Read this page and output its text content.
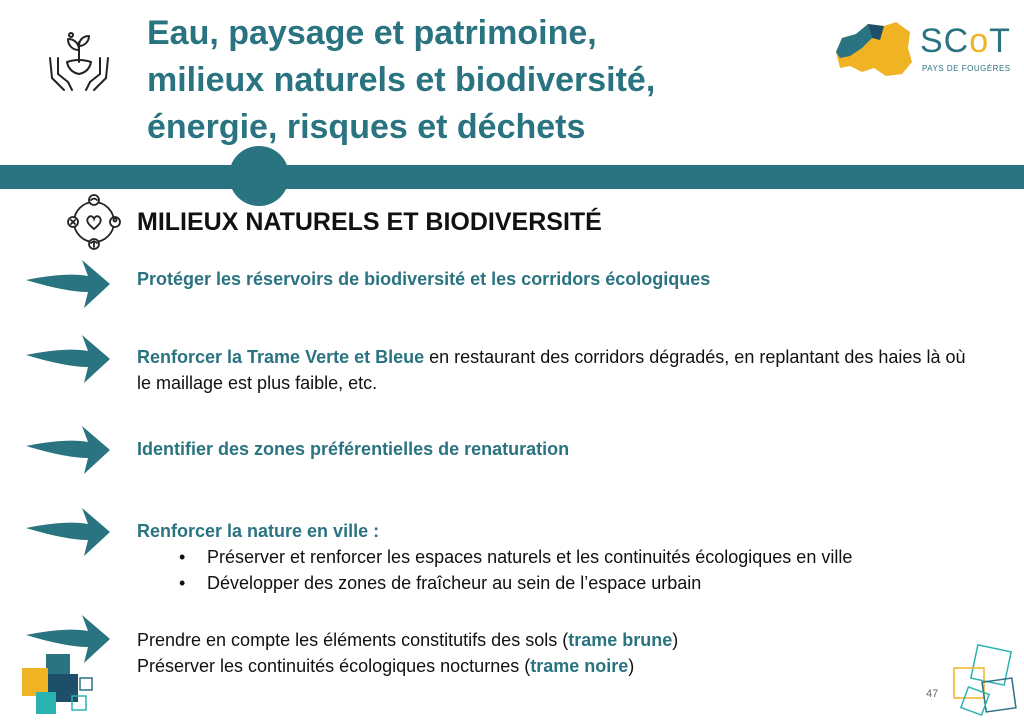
Eau, paysage et patrimoine,
milieux naturels et biodiversité,
énergie, risques et déchets
SCoT
PAYS DE FOUGÈRES
MILIEUX NATURELS ET BIODIVERSITÉ
Protéger les réservoirs de biodiversité et les corridors écologiques
Renforcer la Trame Verte et Bleue en restaurant des corridors dégradés, en replantant des haies là où le maillage est plus faible, etc.
Identifier des zones préférentielles de renaturation
Renforcer la nature en ville :
• Préserver et renforcer les espaces naturels et les continuités écologiques en ville
• Développer des zones de fraîcheur au sein de l’espace urbain
Prendre en compte les éléments constitutifs des sols (trame brune)
Préserver les continuités écologiques nocturnes (trame noire)
47
